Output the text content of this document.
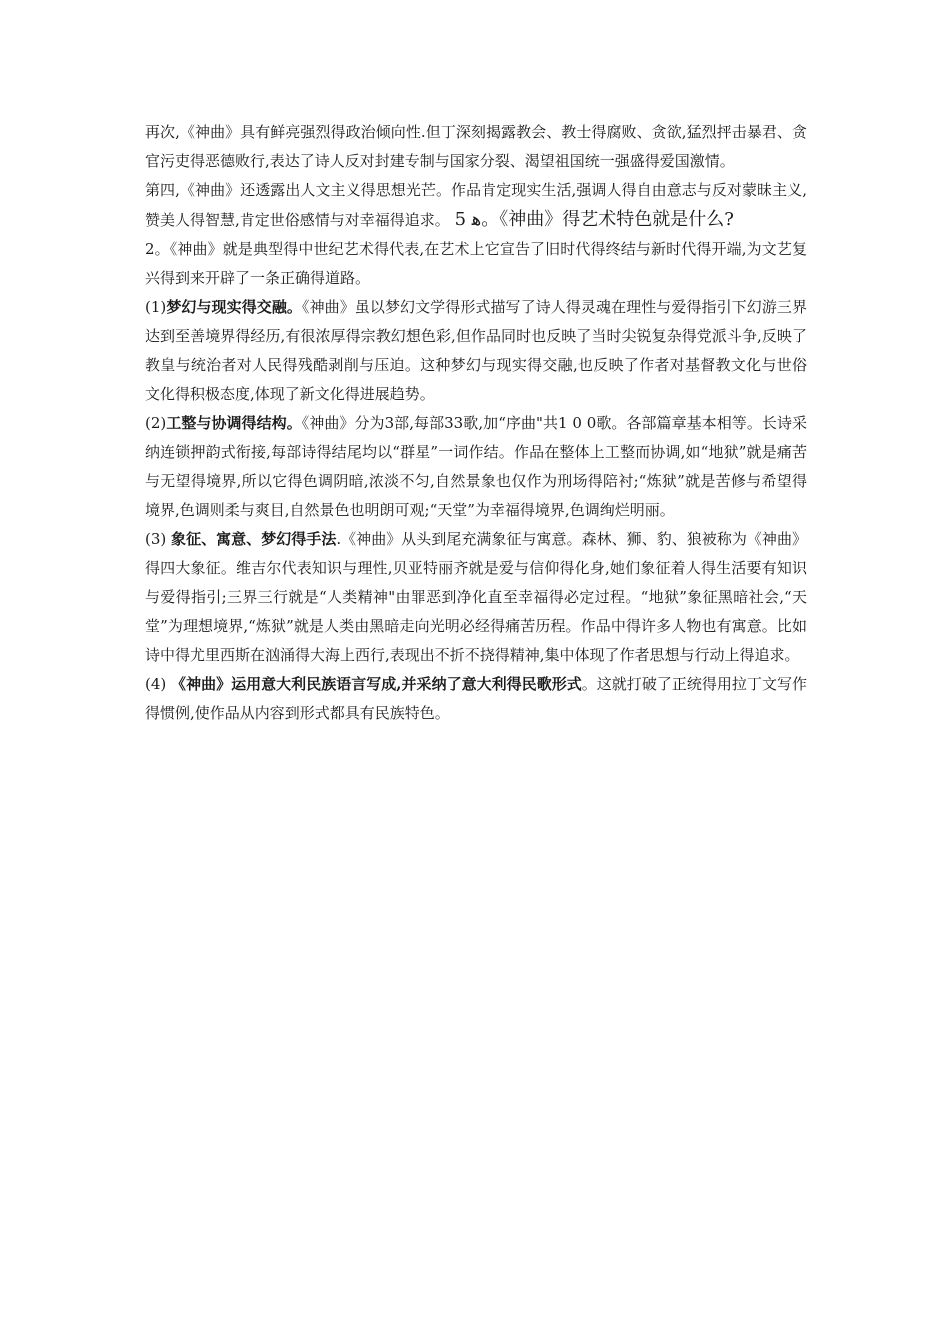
再次,《神曲》具有鲜亮强烈得政治倾向性.但丁深刻揭露教会、教士得腐败、贪欲,猛烈抨击暴君、贪官污吏得恶德败行,表达了诗人反对封建专制与国家分裂、渴望祖国统一强盛得爱国激情。

第四,《神曲》还透露出人文主义得思想光芒。作品肯定现实生活,强调人得自由意志与反对蒙昧主义,赞美人得智慧,肯定世俗感情与对幸福得追求。 5 ﻫ。《神曲》得艺术特色就是什么?

2。《神曲》就是典型得中世纪艺术得代表,在艺术上它宣告了旧时代得终结与新时代得开端,为文艺复兴得到来开辟了一条正确得道路。

(1)梦幻与现实得交融。《神曲》虽以梦幻文学得形式描写了诗人得灵魂在理性与爱得指引下幻游三界达到至善境界得经历,有很浓厚得宗教幻想色彩,但作品同时也反映了当时尖锐复杂得党派斗争,反映了教皇与统治者对人民得残酷剥削与压迫。这种梦幻与现实得交融,也反映了作者对基督教文化与世俗文化得积极态度,体现了新文化得进展趋势。

(2)工整与协调得结构。《神曲》分为3部,每部33歌,加“序曲"共1 0 0歌。各部篇章基本相等。长诗采纳连锁押韵式衔接,每部诗得结尾均以“群星”一词作结。作品在整体上工整而协调,如“地狱”就是痛苦与无望得境界,所以它得色调阴暗,浓淡不匀,自然景象也仅作为刑场得陪衬;“炼狱”就是苦修与希望得境界,色调则柔与爽目,自然景色也明朗可观;“天堂”为幸福得境界,色调绚烂明丽。

(3) 象征、寓意、梦幻得手法.《神曲》从头到尾充满象征与寓意。森林、狮、豹、狼被称为《神曲》得四大象征。维吉尔代表知识与理性,贝亚特丽齐就是爱与信仰得化身,她们象征着人得生活要有知识与爱得指引;三界三行就是“人类精神"由罪恶到净化直至幸福得必定过程。“地狱”象征黑暗社会,“天堂”为理想境界,“炼狱”就是人类由黑暗走向光明必经得痛苦历程。作品中得许多人物也有寓意。比如诗中得尤里西斯在汹涌得大海上西行,表现出不折不挠得精神,集中体现了作者思想与行动上得追求。

(4) 《神曲》运用意大利民族语言写成,并采纳了意大利得民歌形式。这就打破了正统得用拉丁文写作得惯例,使作品从内容到形式都具有民族特色。
